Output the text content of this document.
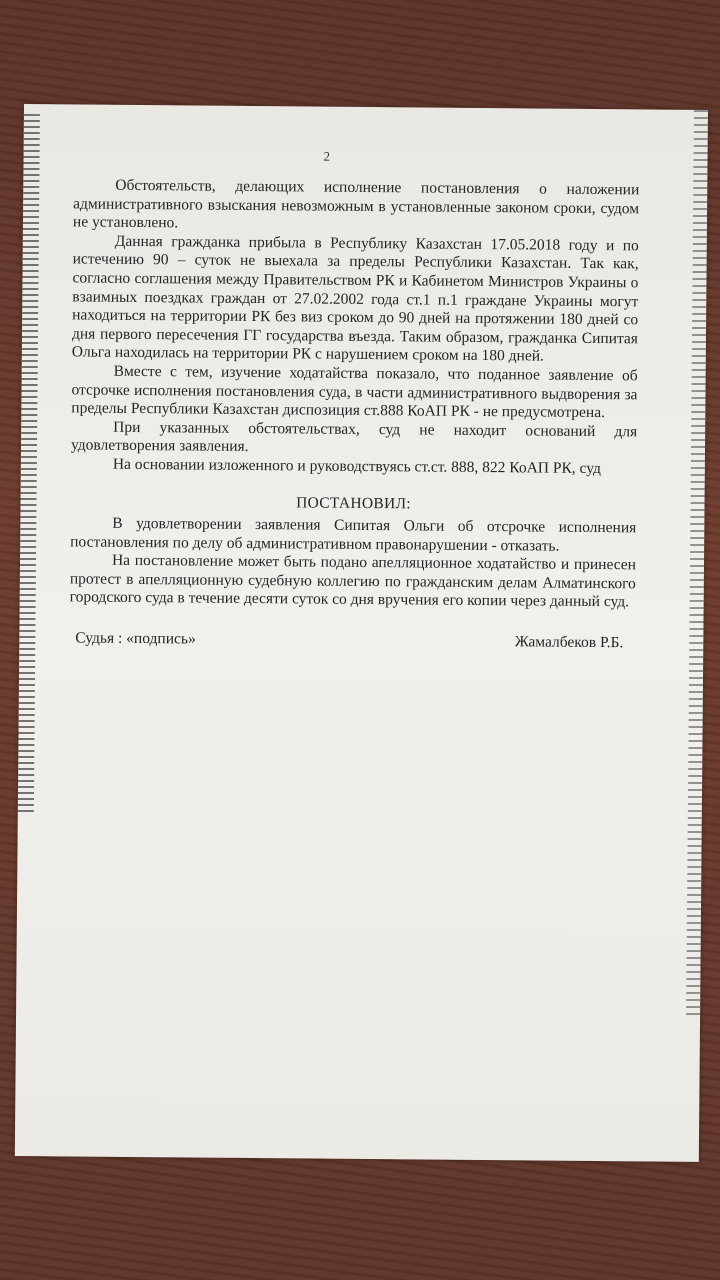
2

Обстоятельств, делающих исполнение постановления о наложении административного взыскания невозможным в установленные законом сроки, судом не установлено.

Данная гражданка прибыла в Республику Казахстан 17.05.2018 году и по истечению 90 – суток не выехала за пределы Республики Казахстан. Так как, согласно соглашения между Правительством РК и Кабинетом Министров Украины о взаимных поездках граждан от 27.02.2002 года ст.1 п.1 граждане Украины могут находиться на территории РК без виз сроком до 90 дней на протяжении 180 дней со дня первого пересечения ГГ государства въезда. Таким образом, гражданка Сипитая Ольга находилась на территории РК с нарушением сроком на 180 дней.

Вместе с тем, изучение ходатайства показало, что поданное заявление об отсрочке исполнения постановления суда, в части административного выдворения за пределы Республики Казахстан диспозиция ст.888 КоАП РК - не предусмотрена.

При указанных обстоятельствах, суд не находит оснований для удовлетворения заявления.

На основании изложенного и руководствуясь ст.ст. 888, 822 КоАП РК, суд

ПОСТАНОВИЛ:

В удовлетворении заявления Сипитая Ольги об отсрочке исполнения постановления по делу об административном правонарушении - отказать.

На постановление может быть подано апелляционное ходатайство и принесен протест в апелляционную судебную коллегию по гражданским делам Алматинского городского суда в течение десяти суток со дня вручения его копии через данный суд.

Судья : «подпись»	Жамалбеков Р.Б.
